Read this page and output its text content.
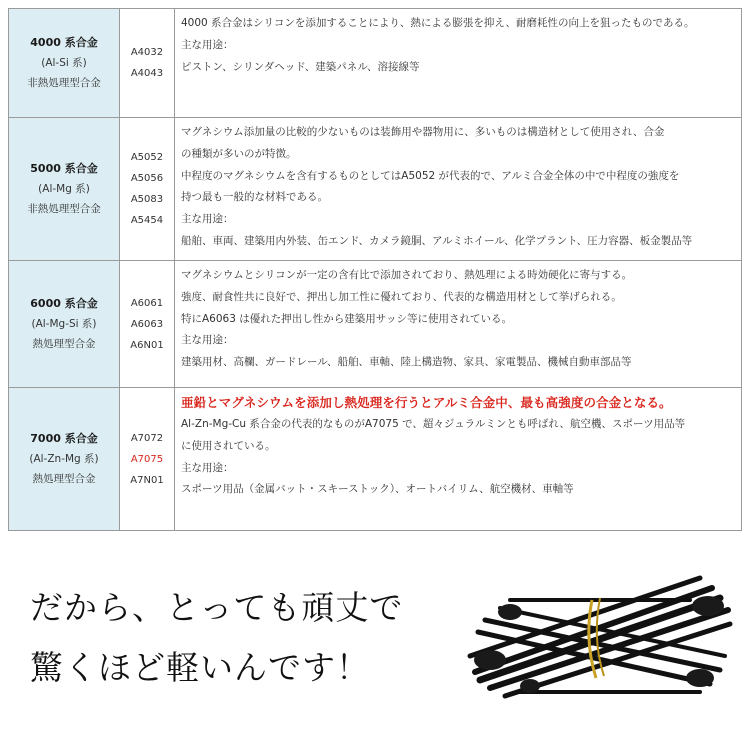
4000 系合金
(Al-Si 系)
非熱処理型合金
A4032
A4043
4000 系合金はシリコンを添加することにより、熱による膨張を抑え、耐磨耗性の向上を狙ったものである。
主な用途：
ピストン、シリンダヘッド、建築パネル、溶接線等
5000 系合金
(Al-Mg 系)
非熱処理型合金
A5052
A5056
A5083
A5454
マグネシウム添加量の比較的少ないものは装飾用や器物用に、多いものは構造材として使用され、合金
の種類が多いのが特徴。
中程度のマグネシウムを含有するものとしてはA5052 が代表的で、アルミ合金全体の中で中程度の強度を
持つ最も一般的な材料である。
主な用途：
船舶、車両、建築用内外装、缶エンド、カメラ鏡胴、アルミホイール、化学プラント、圧力容器、板金製品等
6000 系合金
(Al-Mg-Si 系)
熱処理型合金
A6061
A6063
A6N01
マグネシウムとシリコンが一定の含有比で添加されており、熱処理による時効硬化に寄与する。
強度、耐食性共に良好で、押出し加工性に優れており、代表的な構造用材として挙げられる。
特にA6063 は優れた押出し性から建築用サッシ等に使用されている。
主な用途：
建築用材、高欄、ガードレール、船舶、車軸、陸上構造物、家具、家電製品、機械自動車部品等
7000 系合金
(Al-Zn-Mg 系)
熱処理型合金
A7072
A7075
A7N01
亜鉛とマグネシウムを添加し熱処理を行うとアルミ合金中、最も高強度の合金となる。
Al-Zn-Mg-Cu 系合金の代表的なものがA7075 で、超々ジュラルミンとも呼ばれ、航空機、スポーツ用品等
に使用されている。
主な用途：
スポーツ用品（金属バット・スキーストック）、オートバイリム、航空機材、車軸等
だから、とっても頑丈で
驚くほど軽いんです！
